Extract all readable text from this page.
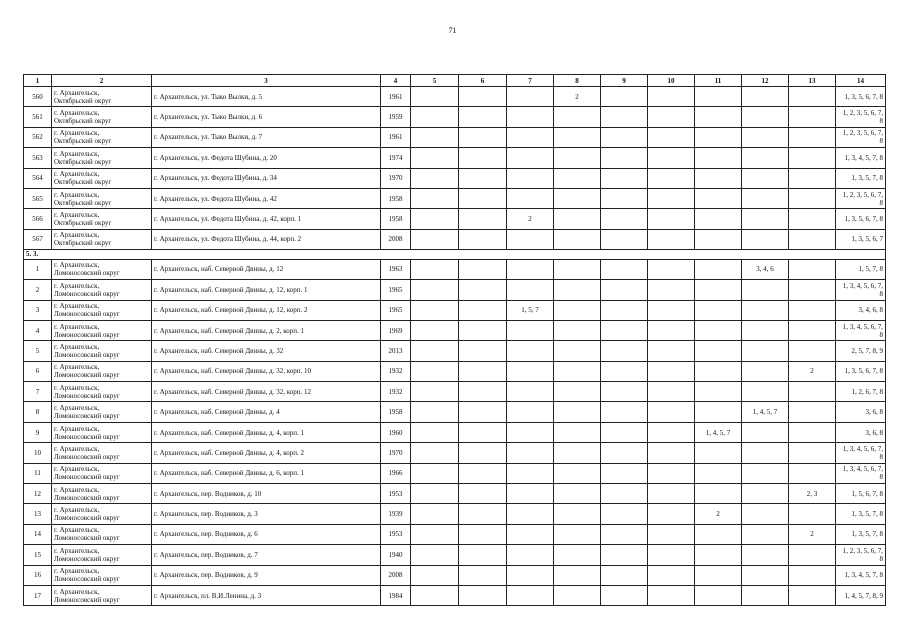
71
1	2	3	4	5	6	7	8	9	10	11	12	13	14
560	г. Архангельск,
Октябрьский округ	г. Архангельск, ул. Тыко Вылки, д. 5	1961				2						1, 3, 5, 6, 7, 8

561	г. Архангельск,
Октябрьский округ	г. Архангельск, ул. Тыко Вылки, д. 6	1959										1, 2, 3, 5, 6, 7, 8

562	г. Архангельск,
Октябрьский округ	г. Архангельск, ул. Тыко Вылки, д. 7	1961										1, 2, 3, 5, 6, 7, 8

563	г. Архангельск,
Октябрьский округ	г. Архангельск, ул. Федота Шубина, д. 20	1974										1, 3, 4, 5, 7, 8

564	г. Архангельск,
Октябрьский округ	г. Архангельск, ул. Федота Шубина, д. 34	1970										1, 3, 5, 7, 8

565	г. Архангельск,
Октябрьский округ	г. Архангельск, ул. Федота Шубина, д. 42	1958										1, 2, 3, 5, 6, 7, 8

566	г. Архангельск,
Октябрьский округ	г. Архангельск, ул. Федота Шубина, д. 42, корп. 1	1958			2							1, 3, 5, 6, 7, 8

567	г. Архангельск,
Октябрьский округ	г. Архангельск, ул. Федота Шубина, д. 44, корп. 2	2008										1, 3, 5, 6, 7

5. 3.													
1	г. Архангельск,
Ломоносовский округ	г. Архангельск, наб. Северной Двины, д. 12	1963								3, 4, 6		1, 5, 7, 8

2	г. Архангельск,
Ломоносовский округ	г. Архангельск, наб. Северной Двины, д. 12, корп. 1	1965										1, 3, 4, 5, 6, 7, 8

3	г. Архангельск,
Ломоносовский округ	г. Архангельск, наб. Северной Двины, д. 12, корп. 2	1965			1, 5, 7							3, 4, 6, 8

4	г. Архангельск,
Ломоносовский округ	г. Архангельск, наб. Северной Двины, д. 2, корп. 1	1969										1, 3, 4, 5, 6, 7, 8

5	г. Архангельск,
Ломоносовский округ	г. Архангельск, наб. Северной Двины, д. 32	2013										2, 5, 7, 8, 9

6	г. Архангельск,
Ломоносовский округ	г. Архангельск, наб. Северной Двины, д. 32, корп. 10	1932									2	1, 3, 5, 6, 7, 8

7	г. Архангельск,
Ломоносовский округ	г. Архангельск, наб. Северной Двины, д. 32, корп. 12	1932										1, 2, 6, 7, 8

8	г. Архангельск,
Ломоносовский округ	г. Архангельск, наб. Северной Двины, д. 4	1958								1, 4, 5, 7		3, 6, 8

9	г. Архангельск,
Ломоносовский округ	г. Архангельск, наб. Северной Двины, д. 4, корп. 1	1960							1, 4, 5, 7			3, 6, 8

10	г. Архангельск,
Ломоносовский округ	г. Архангельск, наб. Северной Двины, д. 4, корп. 2	1970										1, 3, 4, 5, 6, 7, 8

11	г. Архангельск,
Ломоносовский округ	г. Архангельск, наб. Северной Двины, д. 6, корп. 1	1966										1, 3, 4, 5, 6, 7, 8

12	г. Архангельск,
Ломоносовский округ	г. Архангельск, пер. Водников, д. 10	1953									2, 3	1, 5, 6, 7, 8

13	г. Архангельск,
Ломоносовский округ	г. Архангельск, пер. Водников, д. 3	1939							2			1, 3, 5, 7, 8

14	г. Архангельск,
Ломоносовский округ	г. Архангельск, пер. Водников, д. 6	1953									2	1, 3, 5, 7, 8

15	г. Архангельск,
Ломоносовский округ	г. Архангельск, пер. Водников, д. 7	1940										1, 2, 3, 5, 6, 7, 8

16	г. Архангельск,
Ломоносовский округ	г. Архангельск, пер. Водников, д. 9	2008										1, 3, 4, 5, 7, 8

17	г. Архангельск,
Ломоносовский округ	г. Архангельск, пл. В.И.Ленина, д. 3	1984										1, 4, 5, 7, 8, 9
